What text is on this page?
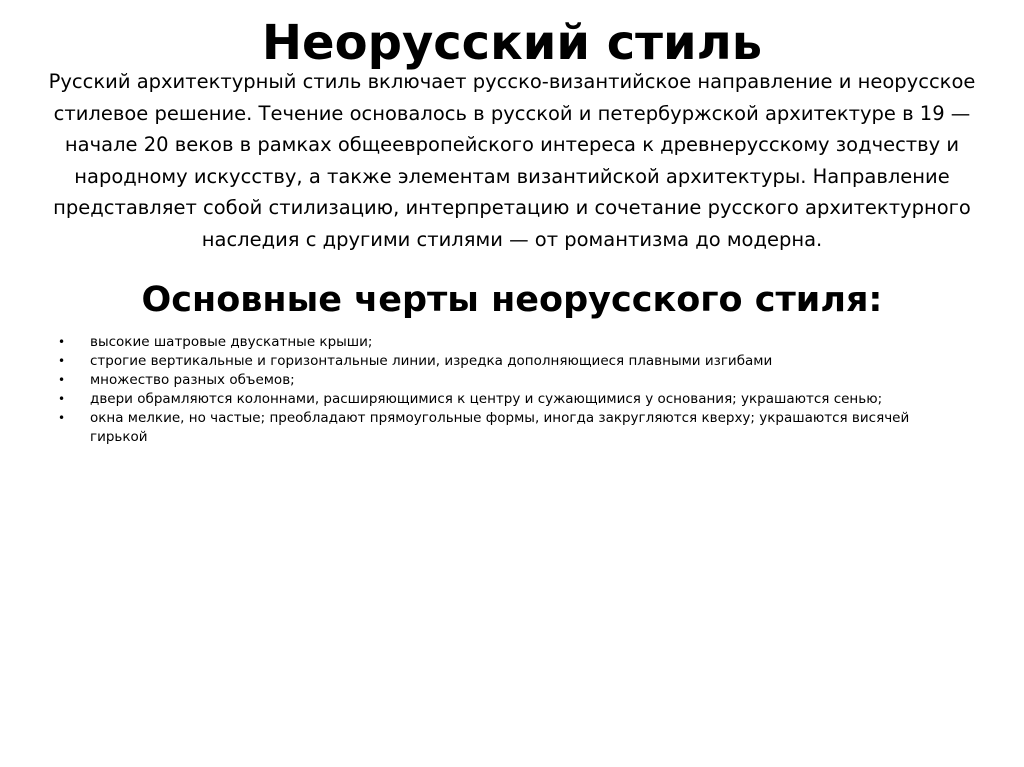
Неорусский стиль

Русский архитектурный стиль включает русско-византийское направление и неорусское стилевое решение. Течение основалось в русской и петербуржской архитектуре в 19 — начале 20 веков в рамках общеевропейского интереса к древнерусскому зодчеству и народному искусству, а также элементам византийской архитектуры. Направление представляет собой стилизацию, интерпретацию и сочетание русского архитектурного наследия с другими стилями — от романтизма до модерна.

Основные черты неорусского стиля:
• высокие шатровые двускатные крыши;
• строгие вертикальные и горизонтальные линии, изредка дополняющиеся плавными изгибами
• множество разных объемов;
• двери обрамляются колоннами, расширяющимися к центру и сужающимися у основания; украшаются сенью;
• окна мелкие, но частые; преобладают прямоугольные формы, иногда закругляются кверху; украшаются висячей гирькой
